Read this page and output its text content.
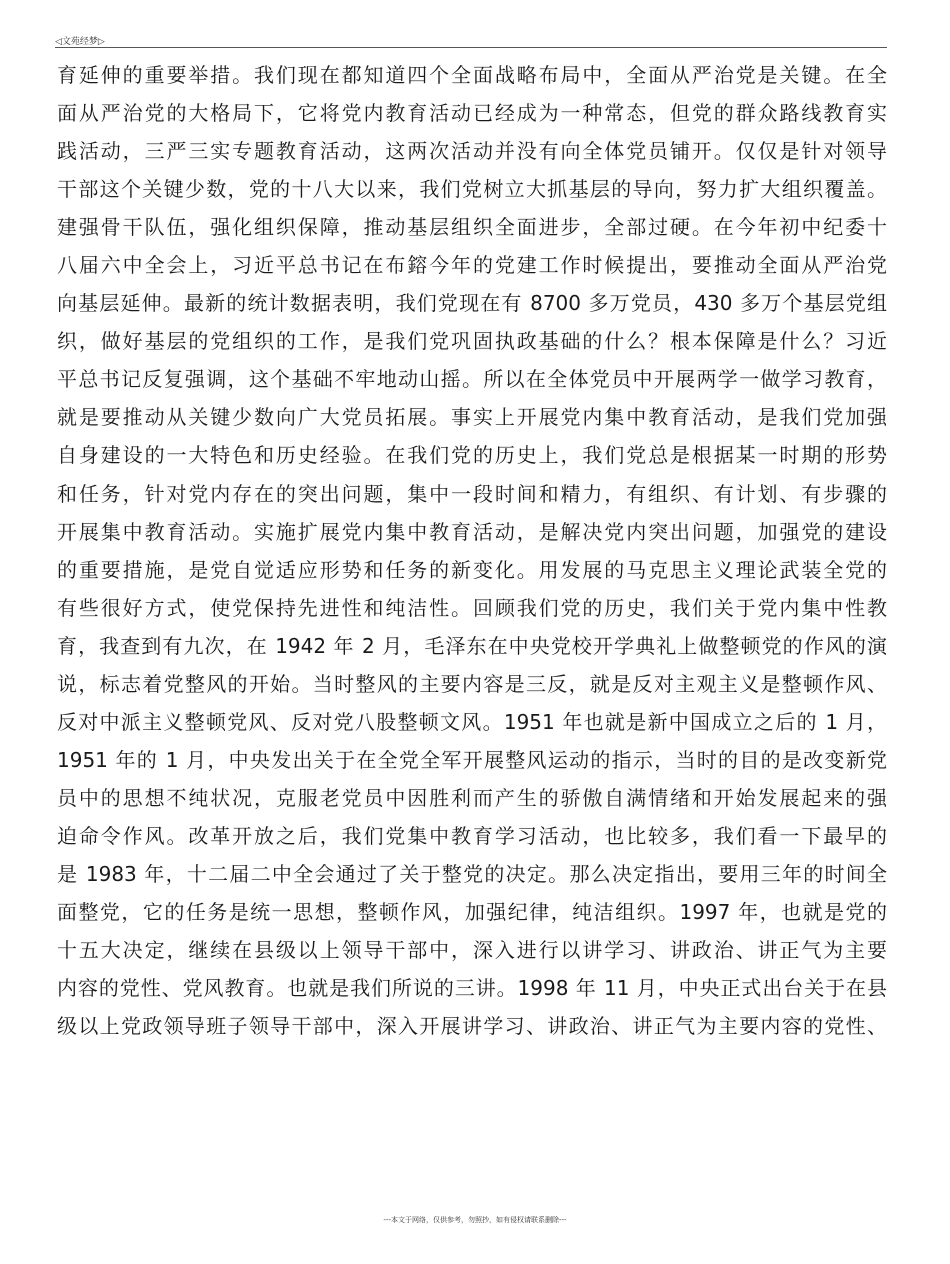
◁文苑经梦▷
育延伸的重要举措。我们现在都知道四个全面战略布局中，全面从严治党是关键。在全
面从严治党的大格局下，它将党内教育活动已经成为一种常态，但党的群众路线教育实
践活动，三严三实专题教育活动，这两次活动并没有向全体党员铺开。仅仅是针对领导
干部这个关键少数，党的十八大以来，我们党树立大抓基层的导向，努力扩大组织覆盖。
建强骨干队伍，强化组织保障，推动基层组织全面进步，全部过硬。在今年初中纪委十
八届六中全会上，习近平总书记在布鎔今年的党建工作时候提出，要推动全面从严治党
向基层延伸。最新的统计数据表明，我们党现在有 8700 多万党员，430 多万个基层党组
织，做好基层的党组织的工作，是我们党巩固执政基础的什么？根本保障是什么？习近
平总书记反复强调，这个基础不牢地动山摇。所以在全体党员中开展两学一做学习教育，
就是要推动从关键少数向广大党员拓展。事实上开展党内集中教育活动，是我们党加强
自身建设的一大特色和历史经验。在我们党的历史上，我们党总是根据某一时期的形势
和任务，针对党内存在的突出问题，集中一段时间和精力，有组织、有计划、有步骤的
开展集中教育活动。实施扩展党内集中教育活动，是解决党内突出问题，加强党的建设
的重要措施，是党自觉适应形势和任务的新变化。用发展的马克思主义理论武装全党的
有些很好方式，使党保持先进性和纯洁性。回顾我们党的历史，我们关于党内集中性教
育，我查到有九次，在 1942 年 2 月，毛泽东在中央党校开学典礼上做整顿党的作风的演
说，标志着党整风的开始。当时整风的主要内容是三反，就是反对主观主义是整顿作风、
反对中派主义整顿党风、反对党八股整顿文风。1951 年也就是新中国成立之后的 1 月，
1951 年的 1 月，中央发出关于在全党全军开展整风运动的指示，当时的目的是改变新党
员中的思想不纯状况，克服老党员中因胜利而产生的骄傲自满情绪和开始发展起来的强
迫命令作风。改革开放之后，我们党集中教育学习活动，也比较多，我们看一下最早的
是 1983 年，十二届二中全会通过了关于整党的决定。那么决定指出，要用三年的时间全
面整党，它的任务是统一思想，整顿作风，加强纪律，纯洁组织。1997 年，也就是党的
十五大决定，继续在县级以上领导干部中，深入进行以讲学习、讲政治、讲正气为主要
内容的党性、党风教育。也就是我们所说的三讲。1998 年 11 月，中央正式出台关于在县
级以上党政领导班子领导干部中，深入开展讲学习、讲政治、讲正气为主要内容的党性、
---本文于网络，仅供参考，勿照抄，如有侵权请联系删除---
